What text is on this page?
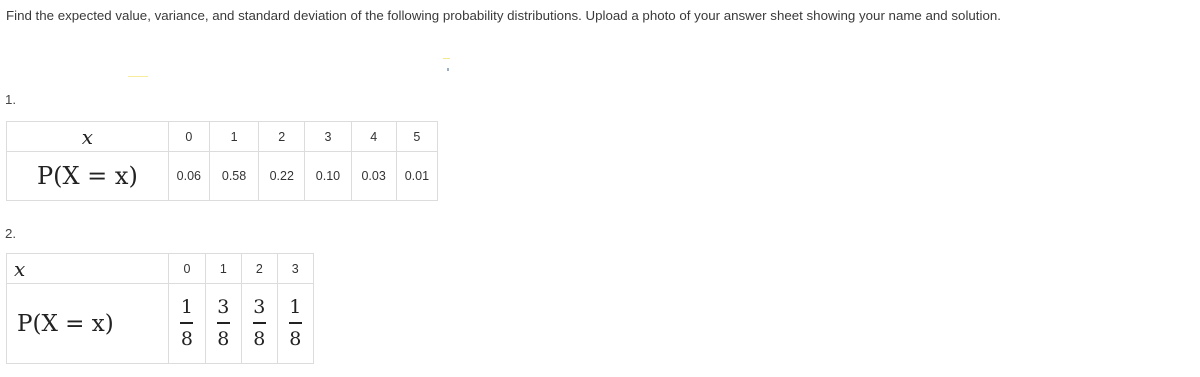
Find the expected value, variance, and standard deviation of the following probability distributions. Upload a photo of your answer sheet showing your name and solution.
1.
x	0	1	2	3	4	5
P(X = x)	0.06	0.58	0.22	0.10	0.03	0.01
2.
x	0	1	2	3
P(X = x)	$\frac{1}{8}$	$\frac{3}{8}$	$\frac{3}{8}$	$\frac{1}{8}$
